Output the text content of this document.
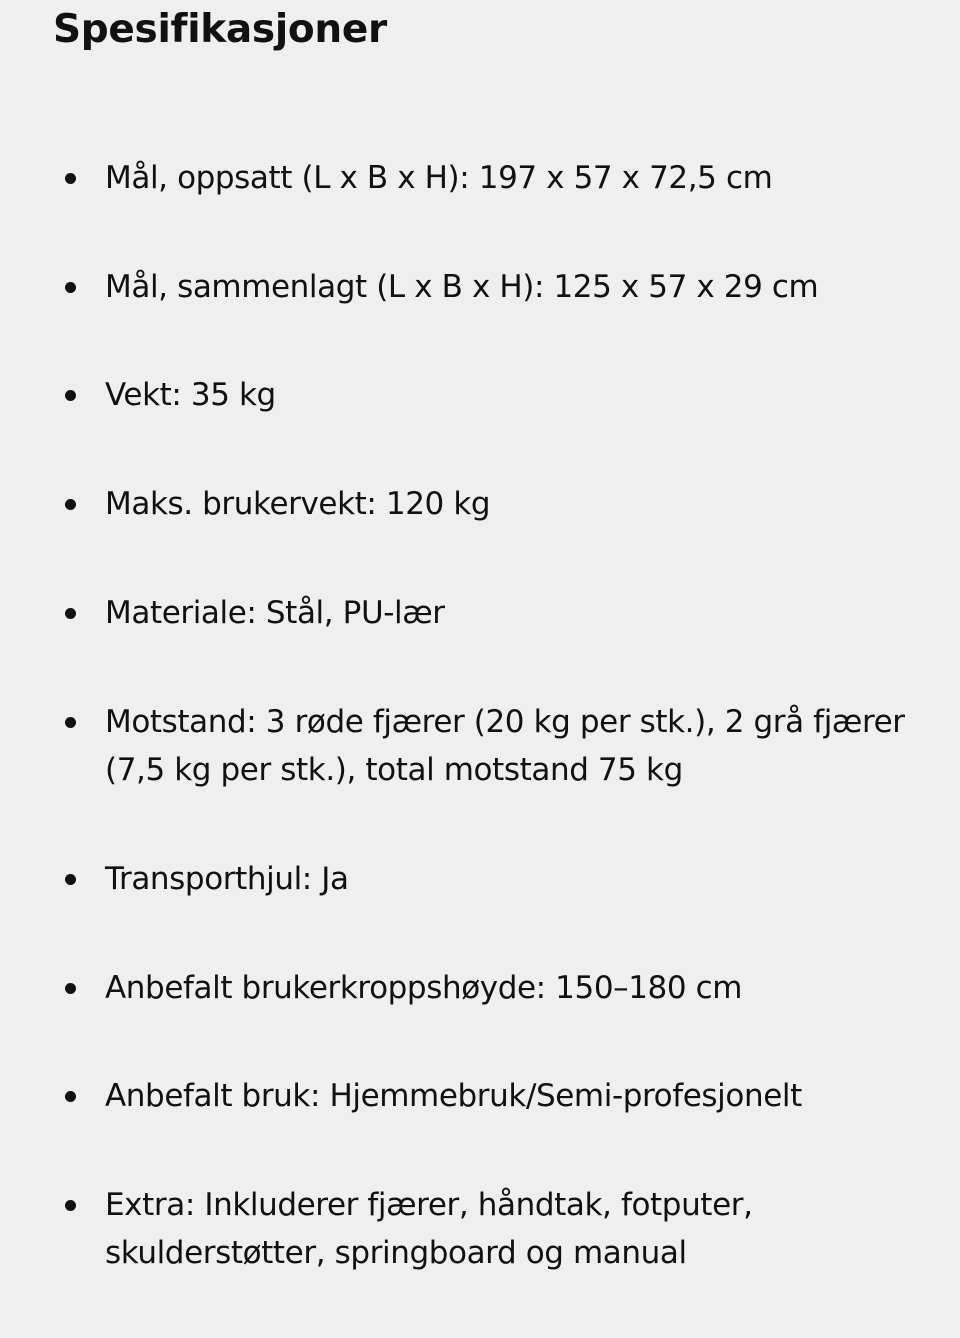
Spesifikasjoner
Mål, oppsatt (L x B x H): 197 x 57 x 72,5 cm
Mål, sammenlagt (L x B x H): 125 x 57 x 29 cm
Vekt: 35 kg
Maks. brukervekt: 120 kg
Materiale: Stål, PU-lær
Motstand: 3 røde fjærer (20 kg per stk.), 2 grå fjærer (7,5 kg per stk.), total motstand 75 kg
Transporthjul: Ja
Anbefalt brukerkroppshøyde: 150–180 cm
Anbefalt bruk: Hjemmebruk/Semi-profesjonelt
Extra: Inkluderer fjærer, håndtak, fotputer, skulderstøtter, springboard og manual
